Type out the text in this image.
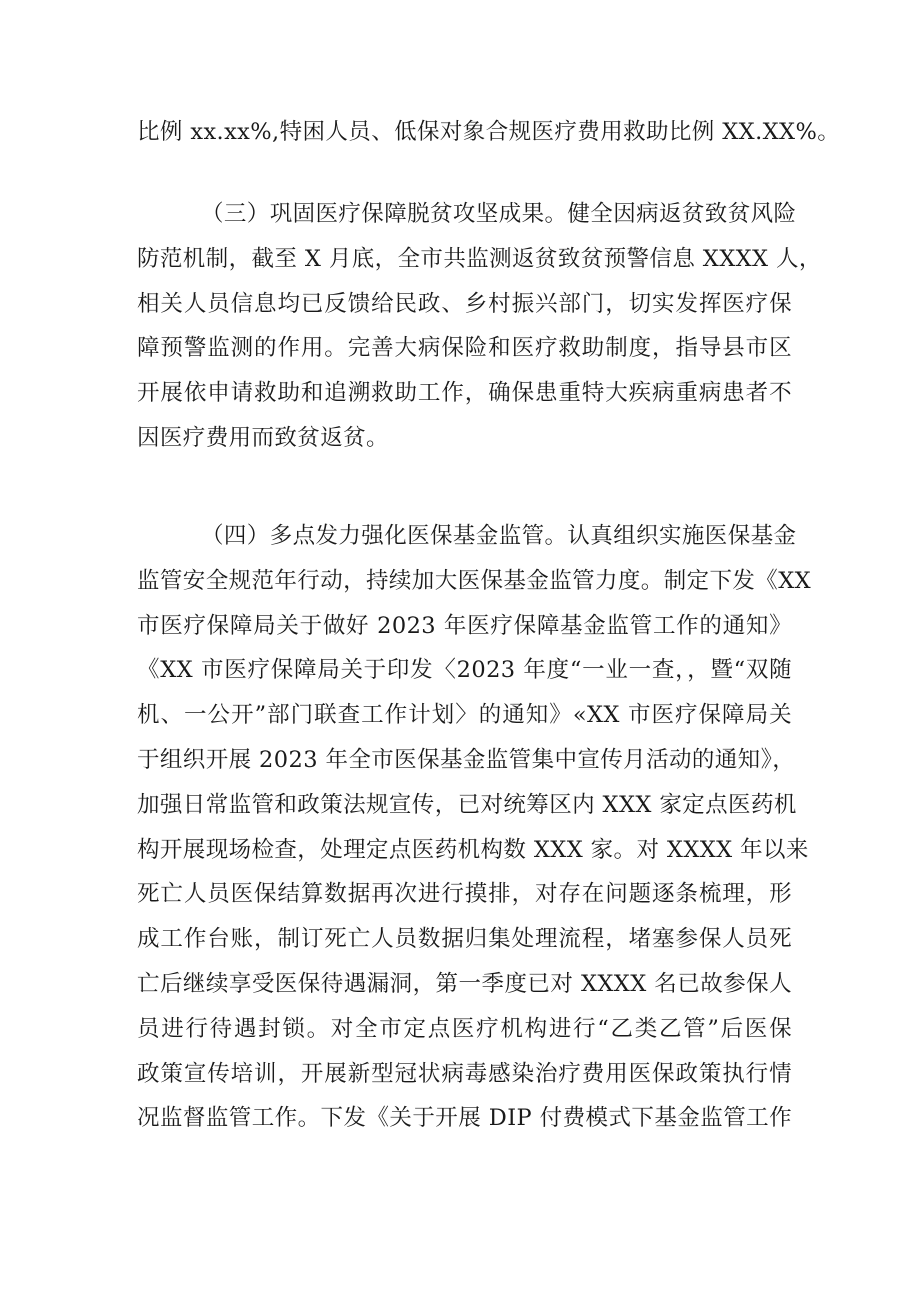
比例 xx.xx%,特困人员、低保对象合规医疗费用救助比例 XX.XX%。
（三）巩固医疗保障脱贫攻坚成果。健全因病返贫致贫风险
防范机制，截至 X 月底，全市共监测返贫致贫预警信息 XXXX 人，
相关人员信息均已反馈给民政、乡村振兴部门，切实发挥医疗保
障预警监测的作用。完善大病保险和医疗救助制度，指导县市区
开展依申请救助和追溯救助工作，确保患重特大疾病重病患者不
因医疗费用而致贫返贫。
（四）多点发力强化医保基金监管。认真组织实施医保基金
监管安全规范年行动，持续加大医保基金监管力度。制定下发《XX
市医疗保障局关于做好 2023 年医疗保障基金监管工作的通知》
《XX 市医疗保障局关于印发〈2023 年度“一业一查，，暨“双随
机、一公开”部门联查工作计划〉的通知》«XX 市医疗保障局关
于组织开展 2023 年全市医保基金监管集中宣传月活动的通知》，
加强日常监管和政策法规宣传，已对统筹区内 XXX 家定点医药机
构开展现场检查，处理定点医药机构数 XXX 家。对 XXXX 年以来
死亡人员医保结算数据再次进行摸排，对存在问题逐条梳理，形
成工作台账，制订死亡人员数据归集处理流程，堵塞参保人员死
亡后继续享受医保待遇漏洞，第一季度已对 XXXX 名已故参保人
员进行待遇封锁。对全市定点医疗机构进行“乙类乙管”后医保
政策宣传培训，开展新型冠状病毒感染治疗费用医保政策执行情
况监督监管工作。下发《关于开展 DIP 付费模式下基金监管工作
